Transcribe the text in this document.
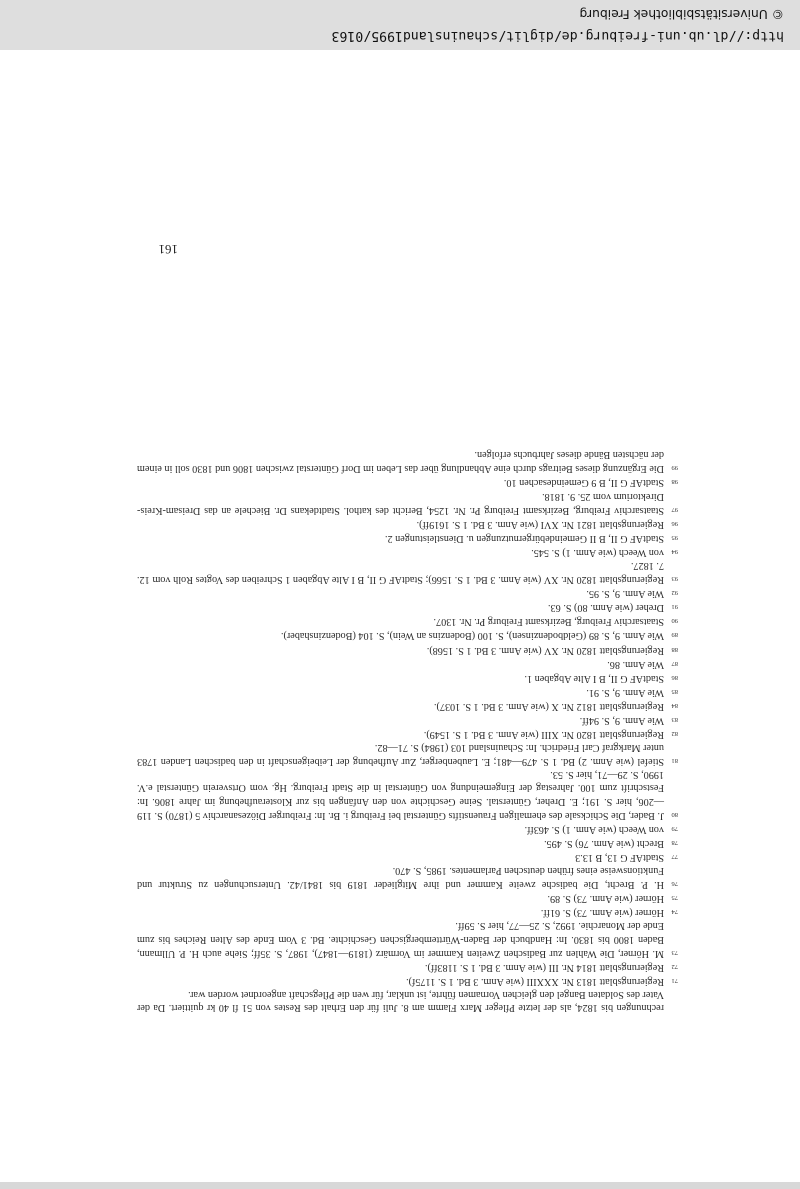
rechnungen bis 1824, als der letzte Pfleger Marx Flamm am 8. Juli für den Erhalt des Restes von 51 fl 40 kr quittiert. Da der Vater des Soldaten Bangel den gleichen Vornamen führte, ist unklar, für wen die Pflegschaft angeordnet worden war.

71Regierungsblatt 1813 Nr. XXXIII (wie Anm. 3 Bd. 1 S. 1175f).

72Regierungsblatt 1814 Nr. III (wie Anm. 3 Bd. 1 S. 1183ff).

73M. Hörner, Die Wahlen zur Badischen Zweiten Kammer im Vormärz (1819—1847), 1987, S. 35ff; Siehe auch H. P. Ullmann, Baden 1800 bis 1830. In: Handbuch der Baden-Württembergischen Geschichte. Bd. 3 Vom Ende des Alten Reiches bis zum Ende der Monarchie. 1992, S. 25—77, hier S. 59ff.

74Hörner (wie Anm. 73) S. 61ff.

75Hörner (wie Anm. 73) S. 89.

76H. P. Brecht, Die badische zweite Kammer und ihre Mitglieder 1819 bis 1841/42. Untersuchungen zu Struktur und Funktionsweise eines frühen deutschen Parlamentes. 1985, S. 470.

77StadtAF G 13, B 13.3

78Brecht (wie Anm. 76) S. 495.

79von Weech (wie Anm. 1) S. 463ff.

80J. Bader, Die Schicksale des ehemaligen Frauenstifts Günterstal bei Freiburg i. Br. In: Freiburger Diözesanarchiv 5 (1870) S. 119—206, hier S. 191; E. Dreher, Günterstal. Seine Geschichte von den Anfängen bis zur Klosteraufhebung im Jahre 1806. In: Festschrift zum 100. Jahrestag der Eingemeindung von Günterstal in die Stadt Freiburg. Hg. vom Ortsverein Günterstal e.V. 1990, S. 29—71, hier S. 53.

81Stiefel (wie Anm. 2) Bd. 1 S. 479—481; E. Laubenberger, Zur Aufhebung der Leibeigenschaft in den badischen Landen 1783 unter Markgraf Carl Friedrich. In: Schauinsland 103 (1984) S. 71—82.

82Regierungsblatt 1820 Nr. XIII (wie Anm. 3 Bd. 1 S. 1549).

83Wie Anm. 9, S. 94ff.

84Regierungsblatt 1812 Nr. X (wie Anm. 3 Bd. 1 S. 1037).

85Wie Anm. 9, S. 91.

86StadtAF G II, B I Alte Abgaben 1.

87Wie Anm. 86.

88Regierungsblatt 1820 Nr. XV (wie Anm. 3 Bd. 1 S. 1568).

89Wie Anm. 9, S. 89 (Geldbodenzinsen), S. 100 (Bodenzins an Wein), S. 104 (Bodenzinshaber).

90Staatsarchiv Freiburg, Bezirksamt Freiburg Pr. Nr. 1307.

91Dreher (wie Anm. 80) S. 63.

92Wie Anm. 9, S. 95.

93Regierungsblatt 1820 Nr. XV (wie Anm. 3 Bd. 1 S. 1566); StadtAF G II, B I Alte Abgaben 1 Schreiben des Vogtes Rolh vom 12. 7. 1827.

94von Weech (wie Anm. 1) S. 545.

95StadtAF G II, B II Gemeindebürgernutzungen u. Dienstleistungen 2.

96Regierungsblatt 1821 Nr. XVI (wie Anm. 3 Bd. 1 S. 1619ff).

97Staatsarchiv Freiburg, Bezirksamt Freiburg Pr. Nr. 1254, Bericht des kathol. Stadtdekans Dr. Biechele an das Dreisam-Kreis-Direktorium vom 25. 9. 1818.

98StadtAF G II, B 9 Gemeindesachen 10.

99Die Ergänzung dieses Beitrags durch eine Abhandlung über das Leben im Dorf Günterstal zwischen 1806 und 1830 soll in einem der nächsten Bände dieses Jahrbuchs erfolgen.

161
http://dl.ub.uni-freiburg.de/diglit/schauinsland1995/0163
© Universitätsbibliothek Freiburg
